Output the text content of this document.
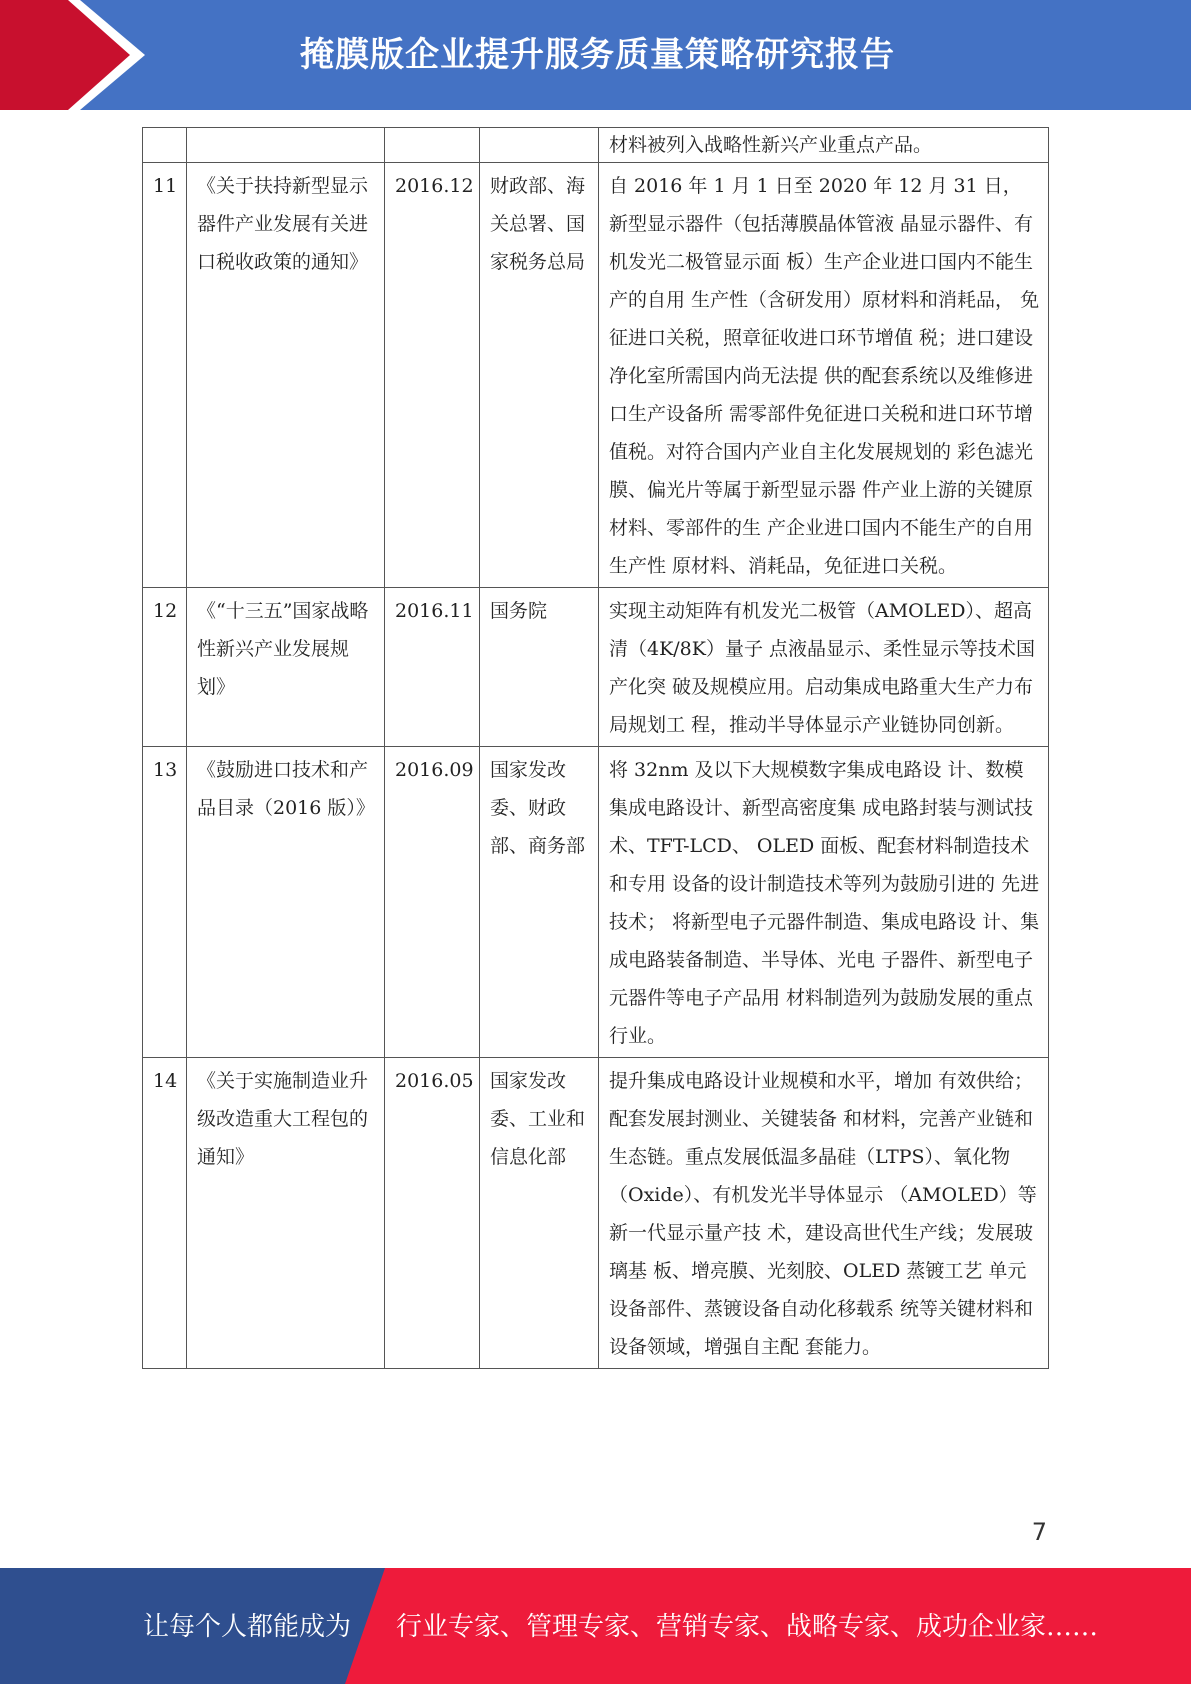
掩膜版企业提升服务质量策略研究报告
				材料被列入战略性新兴产业重点产品。
11	《关于扶持新型显示器件产业发展有关进口税收政策的通知》	2016.12	财政部、海关总署、国家税务总局	自 2016 年 1 月 1 日至 2020 年 12 月 31 日，新型显示器件（包括薄膜晶体管液 晶显示器件、有机发光二极管显示面 板）生产企业进口国内不能生产的自用 生产性（含研发用）原材料和消耗品， 免征进口关税，照章征收进口环节增值 税；进口建设净化室所需国内尚无法提 供的配套系统以及维修进口生产设备所 需零部件免征进口关税和进口环节增值税。对符合国内产业自主化发展规划的 彩色滤光膜、偏光片等属于新型显示器 件产业上游的关键原材料、零部件的生 产企业进口国内不能生产的自用生产性 原材料、消耗品，免征进口关税。
12	《“十三五”国家战略性新兴产业发展规划》	2016.11	国务院	实现主动矩阵有机发光二极管（AMOLED）、超高清（4K/8K）量子 点液晶显示、柔性显示等技术国产化突 破及规模应用。启动集成电路重大生产力布局规划工 程，推动半导体显示产业链协同创新。
13	《鼓励进口技术和产品目录（2016 版）》	2016.09	国家发改委、财政部、商务部	将 32nm 及以下大规模数字集成电路设 计、数模集成电路设计、新型高密度集 成电路封装与测试技术、TFT-LCD、 OLED 面板、配套材料制造技术和专用 设备的设计制造技术等列为鼓励引进的 先进技术； 将新型电子元器件制造、集成电路设 计、集成电路装备制造、半导体、光电 子器件、新型电子元器件等电子产品用 材料制造列为鼓励发展的重点行业。
14	《关于实施制造业升级改造重大工程包的通知》	2016.05	国家发改委、工业和信息化部	提升集成电路设计业规模和水平，增加 有效供给；配套发展封测业、关键装备 和材料，完善产业链和生态链。重点发展低温多晶硅（LTPS）、氧化物 （Oxide）、有机发光半导体显示 （AMOLED）等新一代显示量产技 术，建设高世代生产线；发展玻璃基 板、增亮膜、光刻胶、OLED 蒸镀工艺 单元设备部件、蒸镀设备自动化移载系 统等关键材料和设备领域，增强自主配 套能力。
7
让每个人都能成为 行业专家、管理专家、营销专家、战略专家、成功企业家……
